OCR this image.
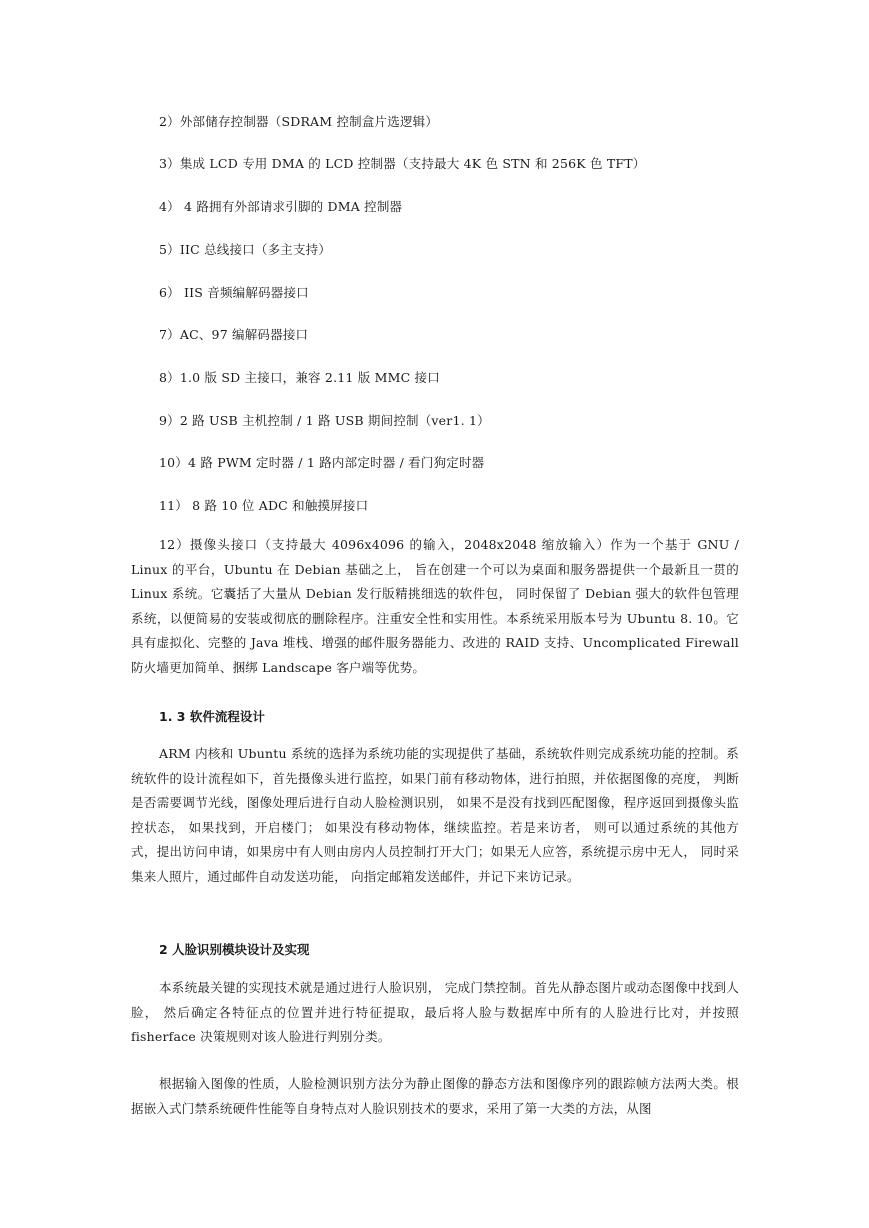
2）外部储存控制器（SDRAM 控制盒片选逻辑）
3）集成 LCD 专用 DMA 的 LCD 控制器（支持最大 4K 色 STN 和 256K 色 TFT）
4） 4 路拥有外部请求引脚的 DMA 控制器
5）IIC 总线接口（多主支持）
6） IIS 音频编解码器接口
7）AC、97 编解码器接口
8）1.0 版 SD 主接口，兼容 2.11 版 MMC 接口
9）2 路 USB 主机控制 / 1 路 USB 期间控制（ver1. 1）
10）4 路 PWM 定时器 / 1 路内部定时器 / 看门狗定时器
11） 8 路 10 位 ADC 和触摸屏接口
12）摄像头接口（支持最大 4096x4096 的输入，2048x2048 缩放输入）作为一个基于 GNU / Linux 的平台，Ubuntu 在 Debian 基础之上， 旨在创建一个可以为桌面和服务器提供一个最新且一贯的 Linux 系统。它囊括了大量从 Debian 发行版精挑细选的软件包， 同时保留了 Debian 强大的软件包管理系统，以便简易的安装或彻底的删除程序。注重安全性和实用性。本系统采用版本号为 Ubuntu 8. 10。它具有虚拟化、完整的 Java 堆栈、增强的邮件服务器能力、改进的 RAID 支持、Uncomplicated Firewall 防火墙更加简单、捆绑 Landscape 客户端等优势。
1. 3 软件流程设计
ARM 内核和 Ubuntu 系统的选择为系统功能的实现提供了基础，系统软件则完成系统功能的控制。系统软件的设计流程如下，首先摄像头进行监控，如果门前有移动物体，进行拍照，并依据图像的亮度， 判断是否需要调节光线，图像处理后进行自动人脸检测识别， 如果不是没有找到匹配图像，程序返回到摄像头监控状态， 如果找到，开启楼门； 如果没有移动物体，继续监控。若是来访者， 则可以通过系统的其他方式，提出访问申请，如果房中有人则由房内人员控制打开大门；如果无人应答，系统提示房中无人， 同时采集来人照片，通过邮件自动发送功能， 向指定邮箱发送邮件，并记下来访记录。
2 人脸识别模块设计及实现
本系统最关键的实现技术就是通过进行人脸识别， 完成门禁控制。首先从静态图片或动态图像中找到人脸， 然后确定各特征点的位置并进行特征提取，最后将人脸与数据库中所有的人脸进行比对，并按照 fisherface 决策规则对该人脸进行判别分类。
根据输入图像的性质，人脸检测识别方法分为静止图像的静态方法和图像序列的跟踪帧方法两大类。根据嵌入式门禁系统硬件性能等自身特点对人脸识别技术的要求，采用了第一大类的方法，从图
